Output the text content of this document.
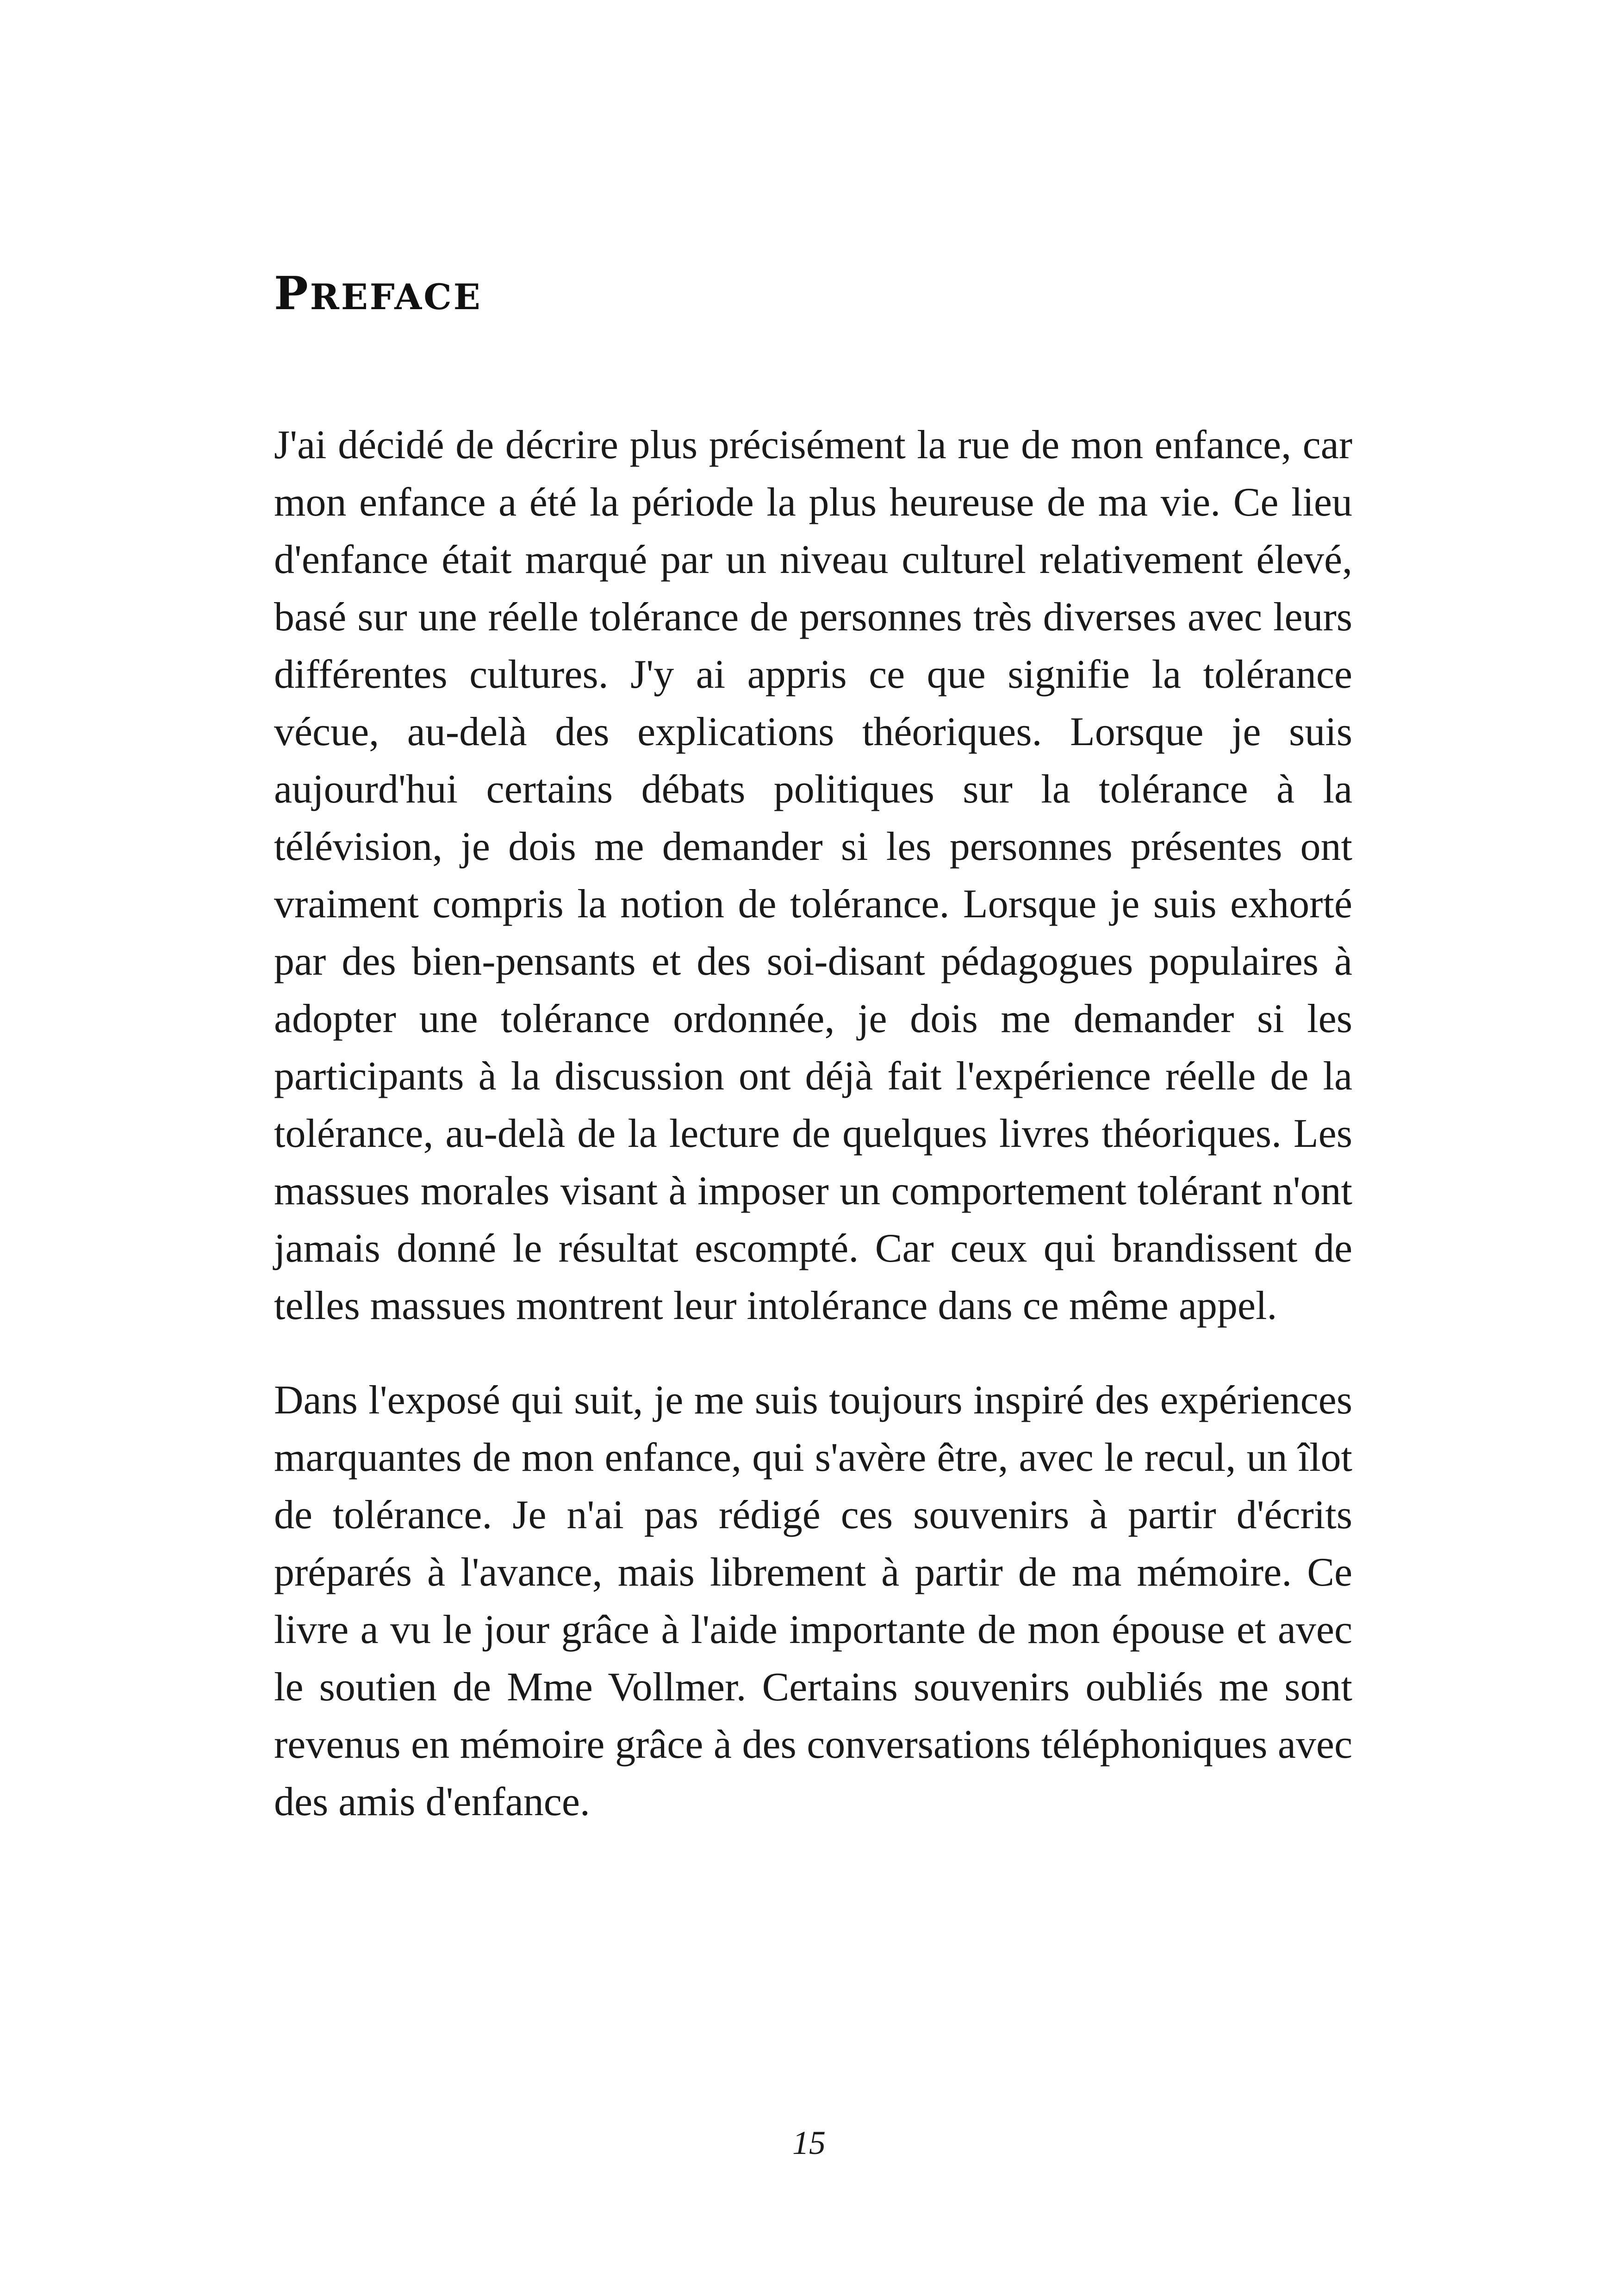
PREFACE

J'ai décidé de décrire plus précisément la rue de mon enfance, car mon enfance a été la période la plus heureuse de ma vie. Ce lieu d'enfance était marqué par un niveau culturel relativement élevé, basé sur une réelle tolérance de personnes très diverses avec leurs différentes cultures. J'y ai appris ce que signifie la tolérance vécue, au-delà des explications théoriques. Lorsque je suis aujourd'hui certains débats politiques sur la tolérance à la télévision, je dois me demander si les personnes présentes ont vraiment compris la notion de tolérance. Lorsque je suis exhorté par des bien-pensants et des soi-disant pédagogues populaires à adopter une tolérance ordonnée, je dois me demander si les participants à la discussion ont déjà fait l'expérience réelle de la tolérance, au-delà de la lecture de quelques livres théoriques. Les massues morales visant à imposer un comportement tolérant n'ont jamais donné le résultat escompté. Car ceux qui brandissent de telles massues montrent leur intolérance dans ce même appel.

Dans l'exposé qui suit, je me suis toujours inspiré des expériences marquantes de mon enfance, qui s'avère être, avec le recul, un îlot de tolérance. Je n'ai pas rédigé ces souvenirs à partir d'écrits préparés à l'avance, mais librement à partir de ma mémoire. Ce livre a vu le jour grâce à l'aide importante de mon épouse et avec le soutien de Mme Vollmer. Certains souvenirs oubliés me sont revenus en mémoire grâce à des conversations téléphoniques avec des amis d'enfance.

15
